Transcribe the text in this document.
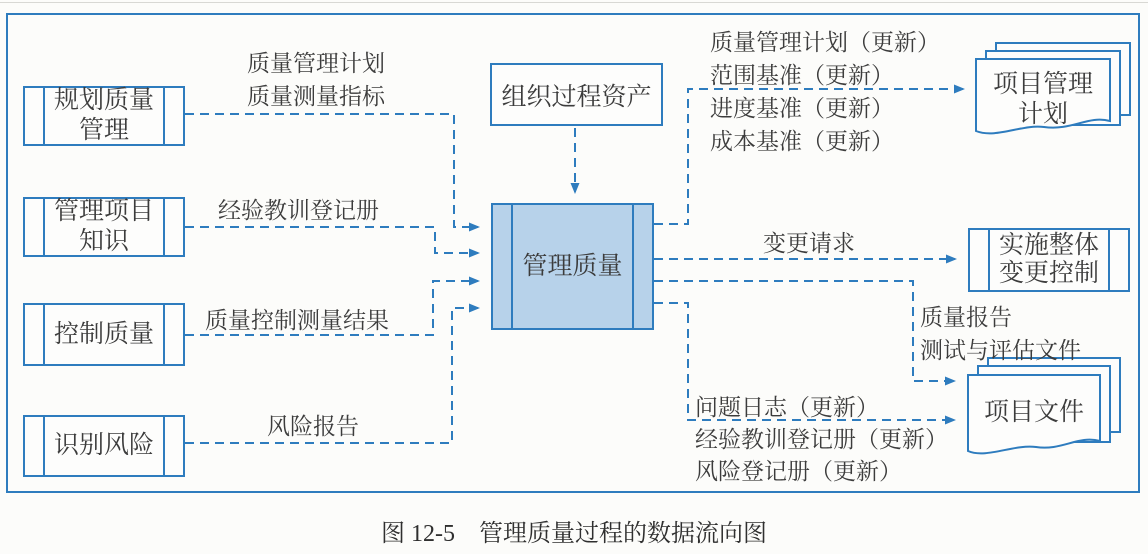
规划质量
管理
管理项目
知识
控制质量
识别风险
组织过程资产
管理质量
实施整体
变更控制
项目管理
计划
项目文件
质量管理计划
质量测量指标
经验教训登记册
质量控制测量结果
风险报告
质量管理计划（更新）
范围基准（更新）
进度基准（更新）
成本基准（更新）
变更请求
质量报告
测试与评估文件
问题日志（更新）
经验教训登记册（更新）
风险登记册（更新）
图 12-5　管理质量过程的数据流向图
